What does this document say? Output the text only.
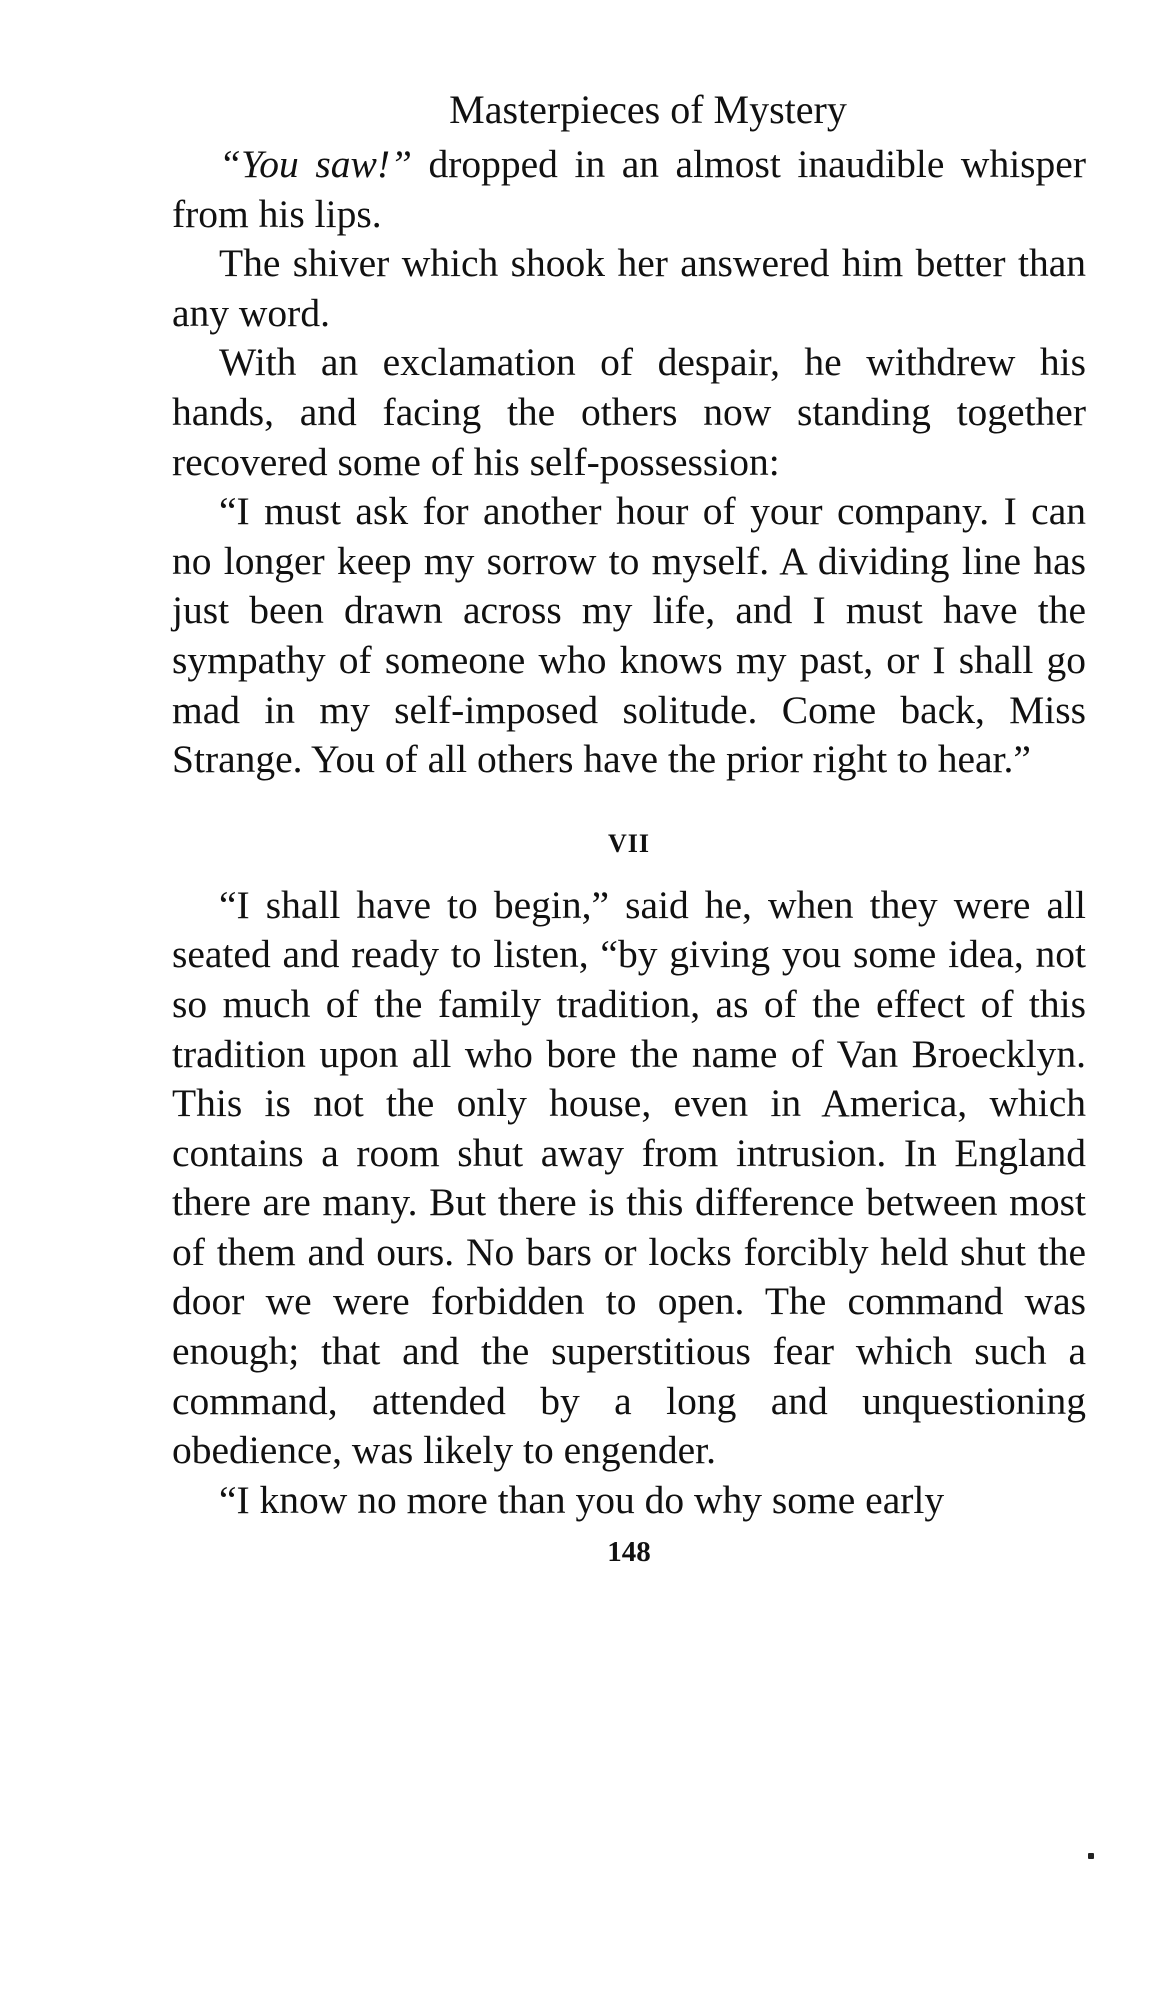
Masterpieces of Mystery

“You saw!” dropped in an almost inaudible whisper from his lips.

The shiver which shook her answered him better than any word.

With an exclamation of despair, he withdrew his hands, and facing the others now standing together recovered some of his self-possession:

“I must ask for another hour of your company. I can no longer keep my sorrow to myself. A dividing line has just been drawn across my life, and I must have the sympathy of someone who knows my past, or I shall go mad in my self-imposed solitude. Come back, Miss Strange. You of all others have the prior right to hear.”

VII

“I shall have to begin,” said he, when they were all seated and ready to listen, “by giving you some idea, not so much of the family tradition, as of the effect of this tradition upon all who bore the name of Van Broecklyn. This is not the only house, even in America, which contains a room shut away from intrusion. In England there are many. But there is this difference between most of them and ours. No bars or locks forcibly held shut the door we were forbidden to open. The command was enough; that and the superstitious fear which such a command, attended by a long and unquestioning obedience, was likely to engender.

“I know no more than you do why some early

148
